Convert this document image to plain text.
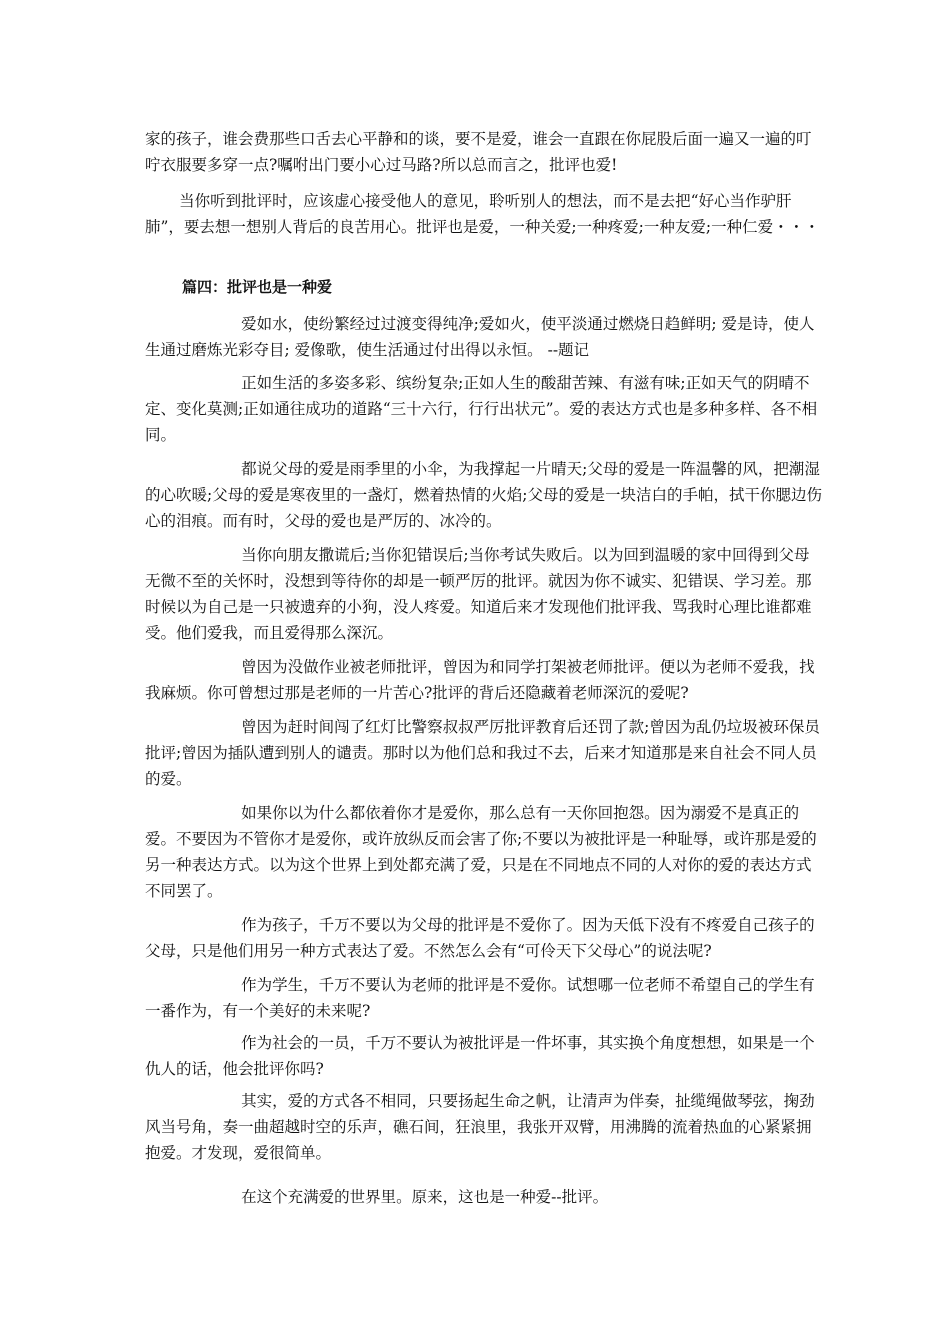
家的孩子，谁会费那些口舌去心平静和的谈，要不是爱，谁会一直跟在你屁股后面一遍又一遍的叮咛衣服要多穿一点?嘱咐出门要小心过马路?所以总而言之，批评也爱!

当你听到批评时，应该虚心接受他人的意见，聆听别人的想法，而不是去把“好心当作驴肝肺”，要去想一想别人背后的良苦用心。批评也是爱，一种关爱;一种疼爱;一种友爱;一种仁爱・・・

篇四：批评也是一种爱

爱如水，使纷繁经过过渡变得纯净;爱如火，使平淡通过燃烧日趋鲜明; 爱是诗，使人生通过磨炼光彩夺目; 爱像歌，使生活通过付出得以永恒。 --题记

正如生活的多姿多彩、缤纷复杂;正如人生的酸甜苦辣、有滋有味;正如天气的阴晴不定、变化莫测;正如通往成功的道路“三十六行，行行出状元”。爱的表达方式也是多种多样、各不相同。

都说父母的爱是雨季里的小伞，为我撑起一片晴天;父母的爱是一阵温馨的风，把潮湿的心吹暖;父母的爱是寒夜里的一盏灯，燃着热情的火焰;父母的爱是一块洁白的手帕，拭干你腮边伤心的泪痕。而有时，父母的爱也是严厉的、冰冷的。

当你向朋友撒谎后;当你犯错误后;当你考试失败后。以为回到温暖的家中回得到父母无微不至的关怀时，没想到等待你的却是一顿严厉的批评。就因为你不诚实、犯错误、学习差。那时候以为自己是一只被遗弃的小狗，没人疼爱。知道后来才发现他们批评我、骂我时心理比谁都难受。他们爱我，而且爱得那么深沉。

曾因为没做作业被老师批评，曾因为和同学打架被老师批评。便以为老师不爱我，找我麻烦。你可曾想过那是老师的一片苦心?批评的背后还隐藏着老师深沉的爱呢?

曾因为赶时间闯了红灯比警察叔叔严厉批评教育后还罚了款;曾因为乱仍垃圾被环保员批评;曾因为插队遭到别人的谴责。那时以为他们总和我过不去，后来才知道那是来自社会不同人员的爱。

如果你以为什么都依着你才是爱你，那么总有一天你回抱怨。因为溺爱不是真正的爱。不要因为不管你才是爱你，或许放纵反而会害了你;不要以为被批评是一种耻辱，或许那是爱的另一种表达方式。以为这个世界上到处都充满了爱，只是在不同地点不同的人对你的爱的表达方式不同罢了。

作为孩子，千万不要以为父母的批评是不爱你了。因为天低下没有不疼爱自己孩子的父母，只是他们用另一种方式表达了爱。不然怎么会有“可伶天下父母心”的说法呢?

作为学生，千万不要认为老师的批评是不爱你。试想哪一位老师不希望自己的学生有一番作为，有一个美好的未来呢?

作为社会的一员，千万不要认为被批评是一件坏事，其实换个角度想想，如果是一个仇人的话，他会批评你吗?

其实，爱的方式各不相同，只要扬起生命之帆，让清声为伴奏，扯缆绳做琴弦，掬劲风当号角，奏一曲超越时空的乐声，礁石间，狂浪里，我张开双臂，用沸腾的流着热血的心紧紧拥抱爱。才发现，爱很简单。

在这个充满爱的世界里。原来，这也是一种爱--批评。
